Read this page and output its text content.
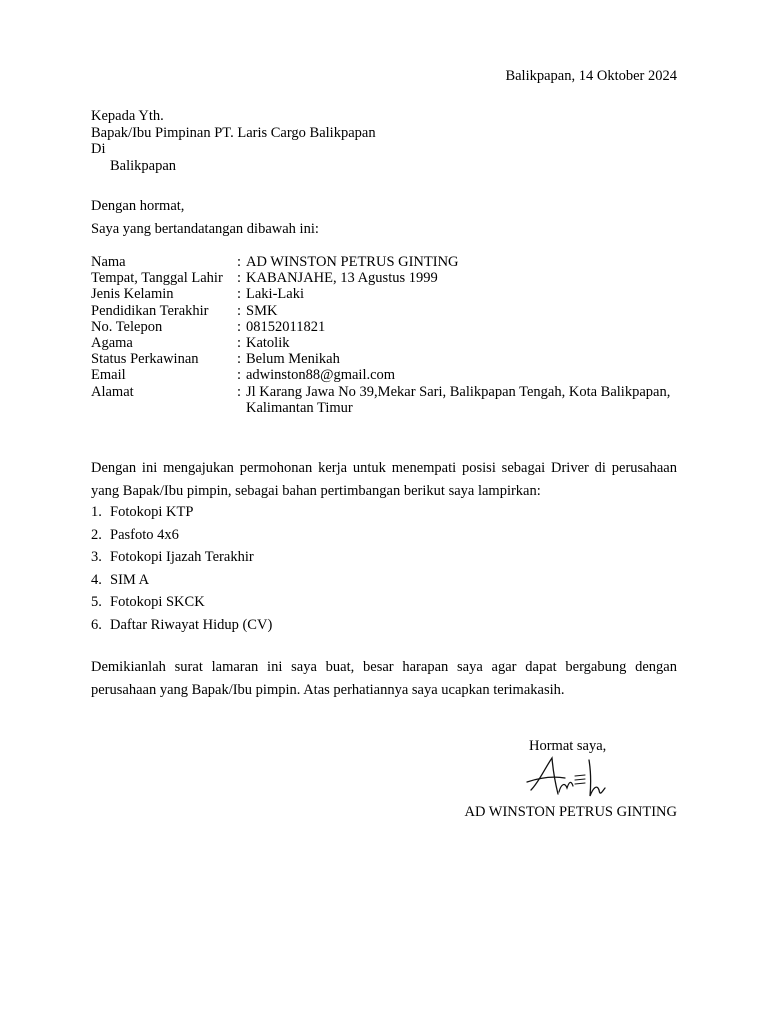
Balikpapan, 14 Oktober 2024
Kepada Yth.
Bapak/Ibu Pimpinan PT. Laris Cargo Balikpapan
Di
Balikpapan
Dengan hormat,
Saya yang bertandatangan dibawah ini:
Nama	: AD WINSTON PETRUS GINTING
Tempat, Tanggal Lahir : KABANJAHE, 13 Agustus 1999
Jenis Kelamin	: Laki-Laki
Pendidikan Terakhir	: SMK
No. Telepon	: 08152011821
Agama	: Katolik
Status Perkawinan	: Belum Menikah
Email	: adwinston88@gmail.com
Alamat	: Jl Karang Jawa No 39,Mekar Sari, Balikpapan Tengah, Kota Balikpapan, Kalimantan Timur
Dengan ini mengajukan permohonan kerja untuk menempati posisi sebagai Driver di perusahaan yang Bapak/Ibu pimpin, sebagai bahan pertimbangan berikut saya lampirkan:
1. Fotokopi KTP
2. Pasfoto 4x6
3. Fotokopi Ijazah Terakhir
4. SIM A
5. Fotokopi SKCK
6. Daftar Riwayat Hidup (CV)
Demikianlah surat lamaran ini saya buat, besar harapan saya agar dapat bergabung dengan perusahaan yang Bapak/Ibu pimpin. Atas perhatiannya saya ucapkan terimakasih.
Hormat saya,
AD WINSTON PETRUS GINTING
